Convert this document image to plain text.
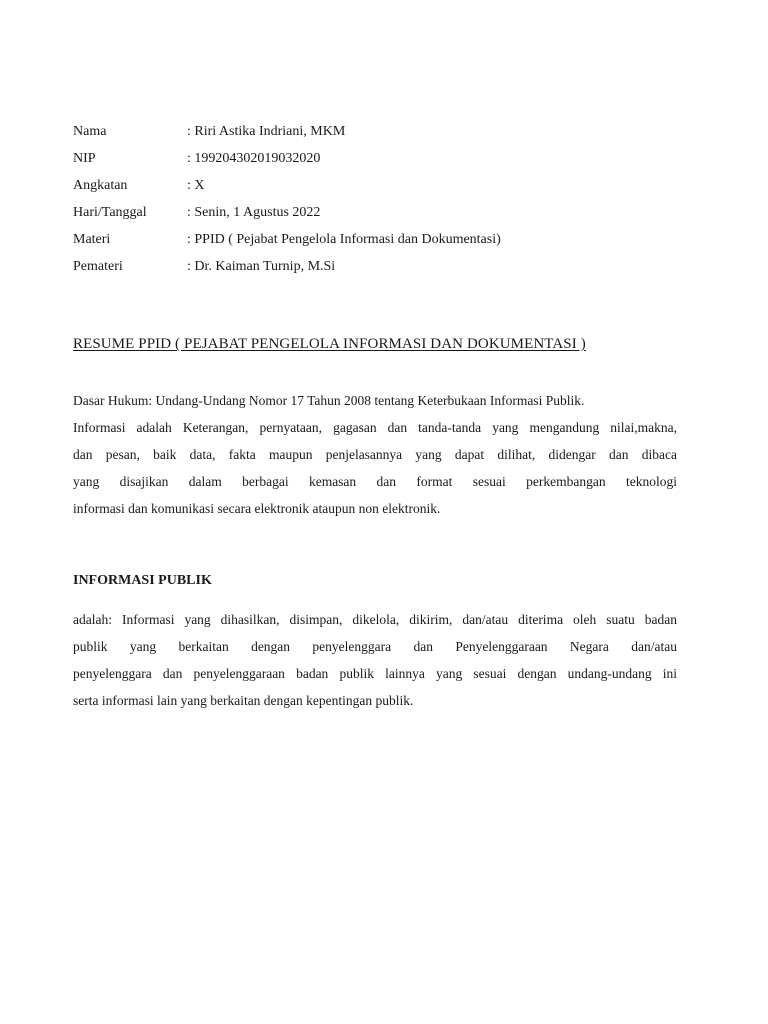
Nama	: Riri Astika Indriani, MKM
NIP	: 199204302019032020
Angkatan	: X
Hari/Tanggal	: Senin, 1 Agustus 2022
Materi	: PPID ( Pejabat Pengelola Informasi dan Dokumentasi)
Pemateri	: Dr. Kaiman Turnip, M.Si
RESUME PPID ( PEJABAT PENGELOLA INFORMASI DAN DOKUMENTASI )
Dasar Hukum: Undang-Undang Nomor 17 Tahun 2008 tentang Keterbukaan Informasi Publik.
Informasi adalah Keterangan, pernyataan, gagasan dan tanda-tanda yang mengandung nilai,makna,
dan pesan, baik data, fakta maupun penjelasannya yang dapat dilihat, didengar dan dibaca
yang disajikan dalam berbagai kemasan dan format sesuai perkembangan teknologi
informasi dan komunikasi secara elektronik ataupun non elektronik.
INFORMASI PUBLIK
adalah: Informasi yang dihasilkan, disimpan, dikelola, dikirim, dan/atau diterima oleh suatu badan
publik yang berkaitan dengan penyelenggara dan Penyelenggaraan Negara dan/atau
penyelenggara dan penyelenggaraan badan publik lainnya yang sesuai dengan undang-undang ini
serta informasi lain yang berkaitan dengan kepentingan publik.
